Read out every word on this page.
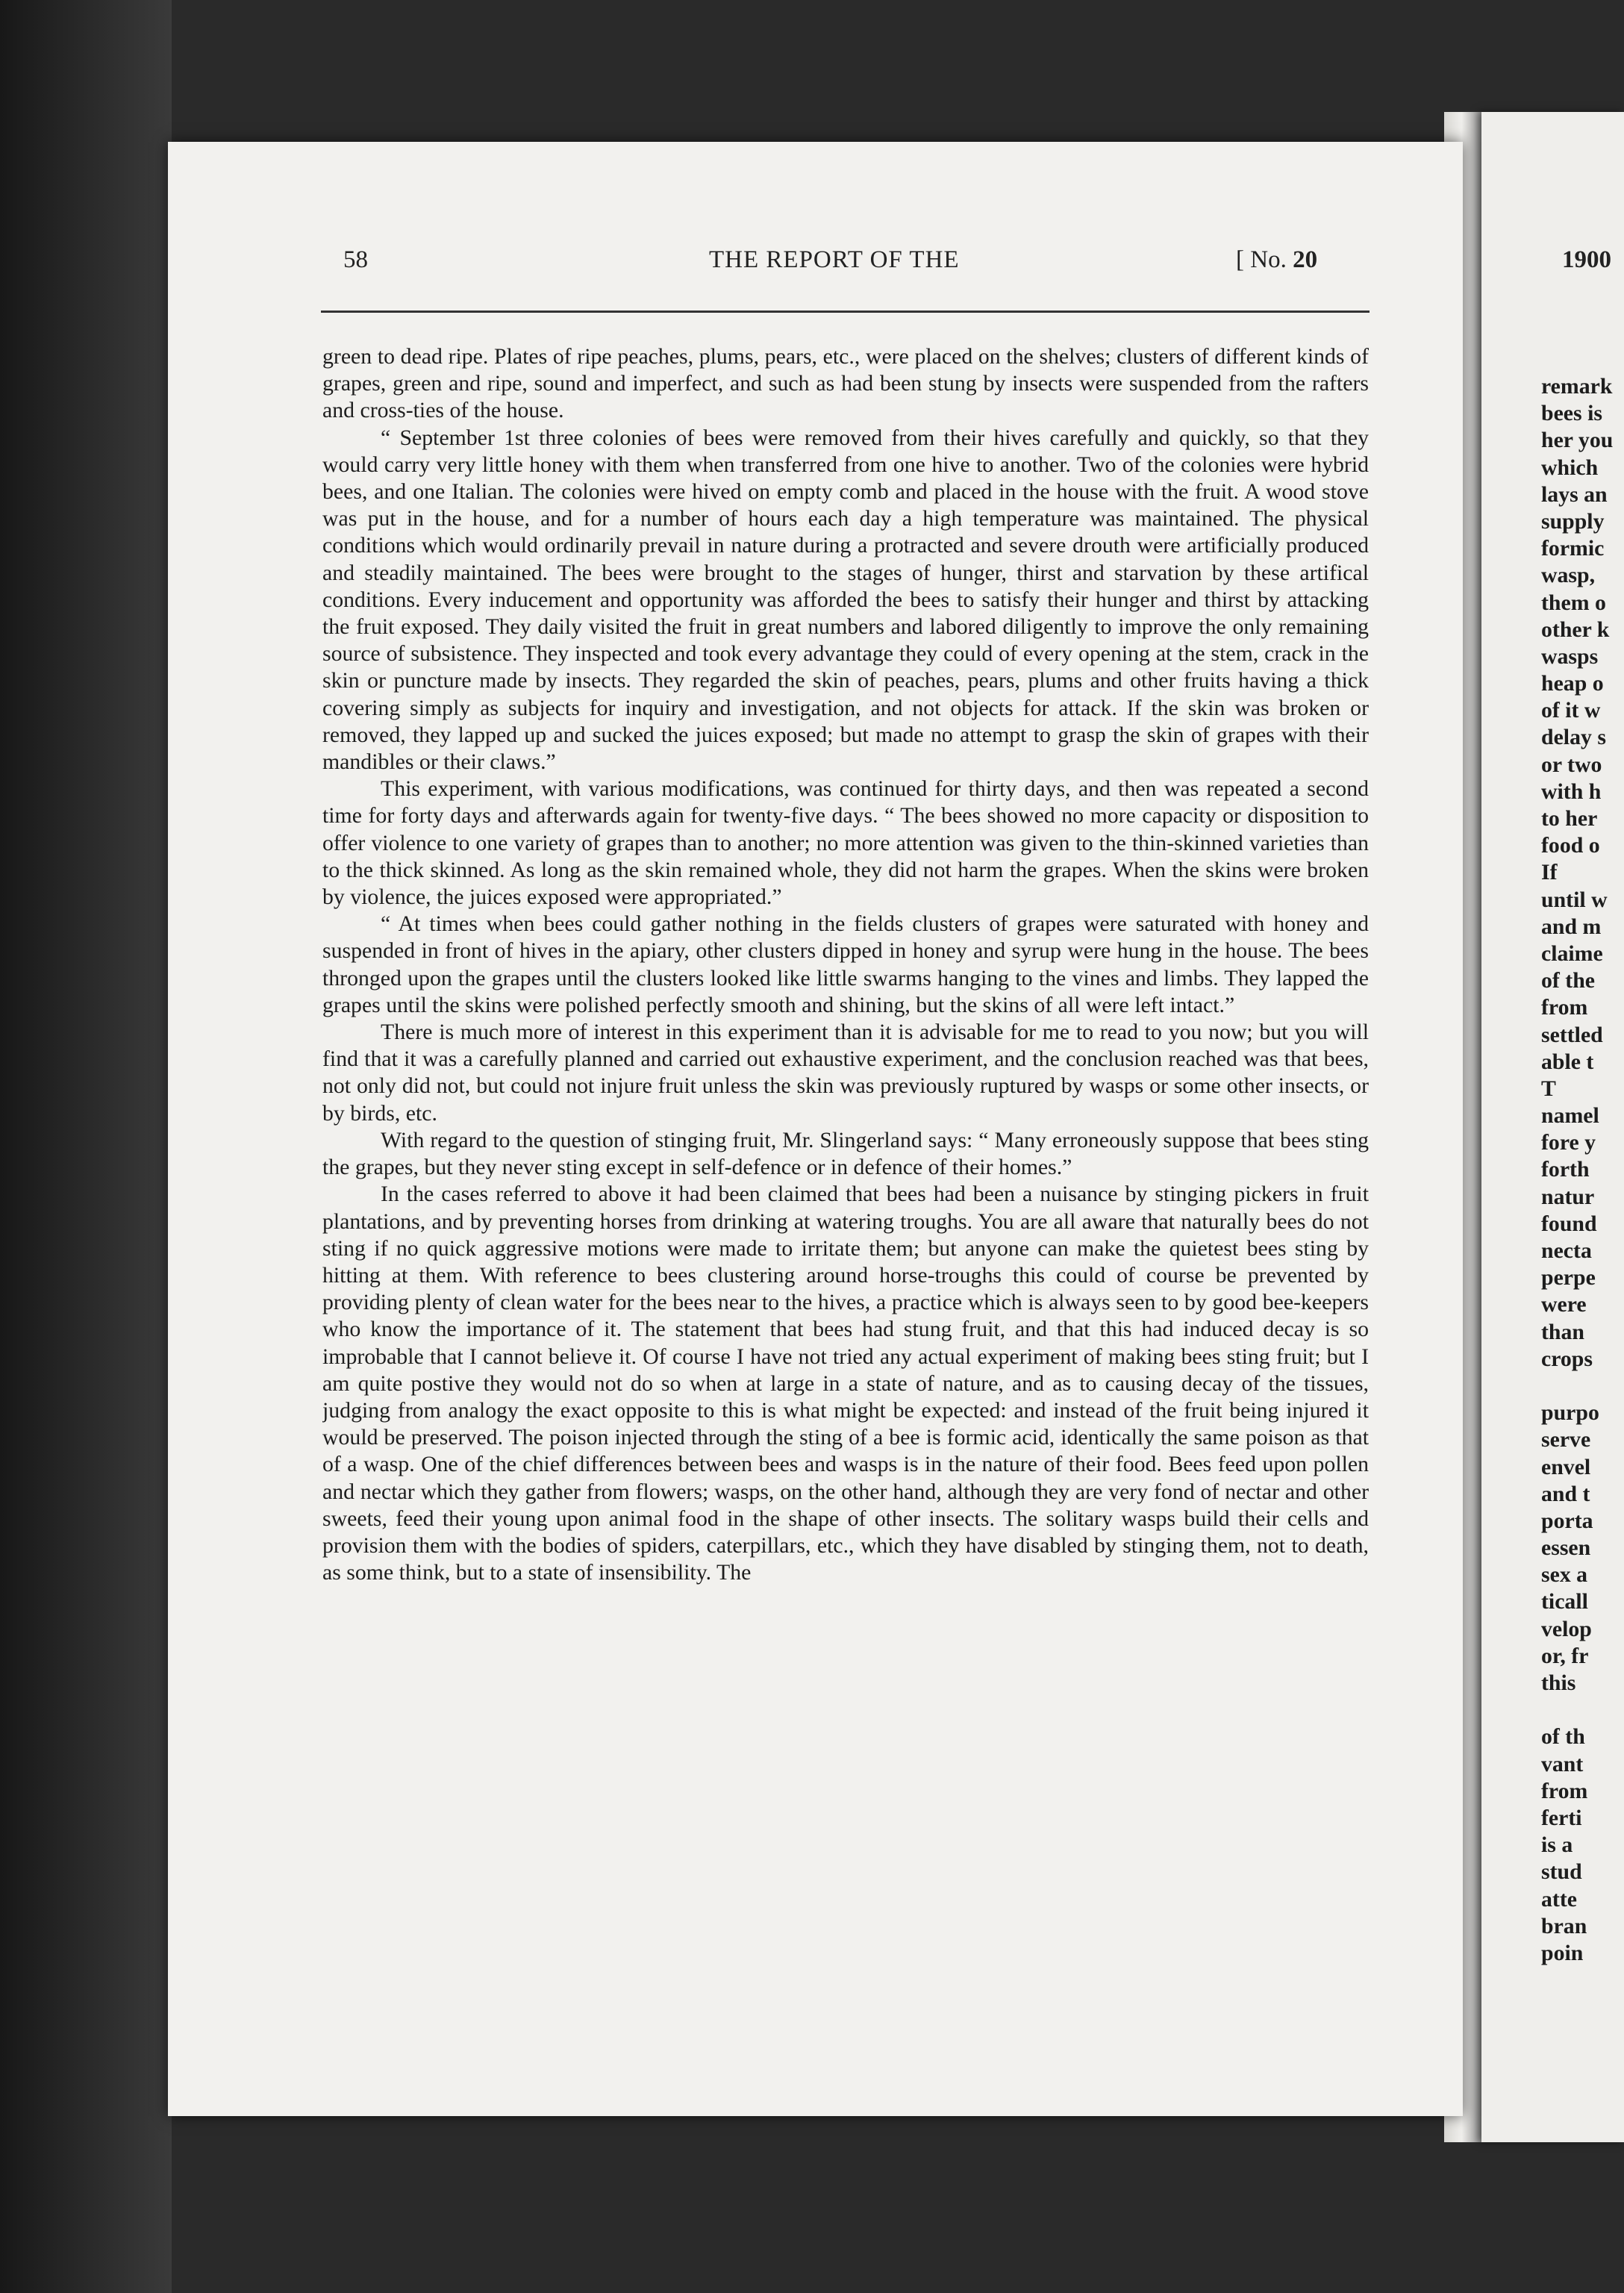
1900
remark
bees is
her you
which
lays an
supply
formic
wasp,
them o
other k
wasps
heap o
of it w
delay s
or two
with h
to her
food o
If
until w
and m
claime
of the
from
settled
able t
T
namel
fore y
forth
natur
found
necta
perpe
were
than
crops
purpo
serve
envel
and t
porta
essen
sex a
ticall
velop
or, fr
this
of th
vant
from
ferti
is a
stud
atte
bran
poin
58	THE REPORT OF THE	[ No. 20

green to dead ripe. Plates of ripe peaches, plums, pears, etc., were placed on the shelves; clusters of different kinds of grapes, green and ripe, sound and imperfect, and such as had been stung by insects were suspended from the rafters and cross-ties of the house.

“ September 1st three colonies of bees were removed from their hives carefully and quickly, so that they would carry very little honey with them when transferred from one hive to another. Two of the colonies were hybrid bees, and one Italian. The colonies were hived on empty comb and placed in the house with the fruit. A wood stove was put in the house, and for a number of hours each day a high temperature was maintained. The physical conditions which would ordinarily prevail in nature during a protracted and severe drouth were artificially produced and steadily maintained. The bees were brought to the stages of hunger, thirst and starvation by these artifical conditions. Every inducement and opportunity was afforded the bees to satisfy their hunger and thirst by attacking the fruit exposed. They daily visited the fruit in great numbers and labored diligently to improve the only remaining source of subsistence. They inspected and took every advantage they could of every opening at the stem, crack in the skin or puncture made by insects. They regarded the skin of peaches, pears, plums and other fruits having a thick covering simply as subjects for inquiry and investigation, and not objects for attack. If the skin was broken or removed, they lapped up and sucked the juices exposed; but made no attempt to grasp the skin of grapes with their mandibles or their claws.”

This experiment, with various modifications, was continued for thirty days, and then was repeated a second time for forty days and afterwards again for twenty-five days. “ The bees showed no more capacity or disposition to offer violence to one variety of grapes than to another; no more attention was given to the thin-skinned varieties than to the thick skinned. As long as the skin remained whole, they did not harm the grapes. When the skins were broken by violence, the juices exposed were appropriated.”

“ At times when bees could gather nothing in the fields clusters of grapes were saturated with honey and suspended in front of hives in the apiary, other clusters dipped in honey and syrup were hung in the house. The bees thronged upon the grapes until the clusters looked like little swarms hanging to the vines and limbs. They lapped the grapes until the skins were polished perfectly smooth and shining, but the skins of all were left intact.”

There is much more of interest in this experiment than it is advisable for me to read to you now; but you will find that it was a carefully planned and carried out exhaustive experiment, and the conclusion reached was that bees, not only did not, but could not injure fruit unless the skin was previously ruptured by wasps or some other insects, or by birds, etc.

With regard to the question of stinging fruit, Mr. Slingerland says: “ Many erroneously suppose that bees sting the grapes, but they never sting except in self-defence or in defence of their homes.”

In the cases referred to above it had been claimed that bees had been a nuisance by stinging pickers in fruit plantations, and by preventing horses from drinking at watering troughs. You are all aware that naturally bees do not sting if no quick aggressive motions were made to irritate them; but anyone can make the quietest bees sting by hitting at them. With reference to bees clustering around horse-troughs this could of course be prevented by providing plenty of clean water for the bees near to the hives, a practice which is always seen to by good bee-keepers who know the importance of it. The statement that bees had stung fruit, and that this had induced decay is so improbable that I cannot believe it. Of course I have not tried any actual experiment of making bees sting fruit; but I am quite postive they would not do so when at large in a state of nature, and as to causing decay of the tissues, judging from analogy the exact opposite to this is what might be expected: and instead of the fruit being injured it would be preserved. The poison injected through the sting of a bee is formic acid, identically the same poison as that of a wasp. One of the chief differences between bees and wasps is in the nature of their food. Bees feed upon pollen and nectar which they gather from flowers; wasps, on the other hand, although they are very fond of nectar and other sweets, feed their young upon animal food in the shape of other insects. The solitary wasps build their cells and provision them with the bodies of spiders, caterpillars, etc., which they have disabled by stinging them, not to death, as some think, but to a state of insensibility. The
